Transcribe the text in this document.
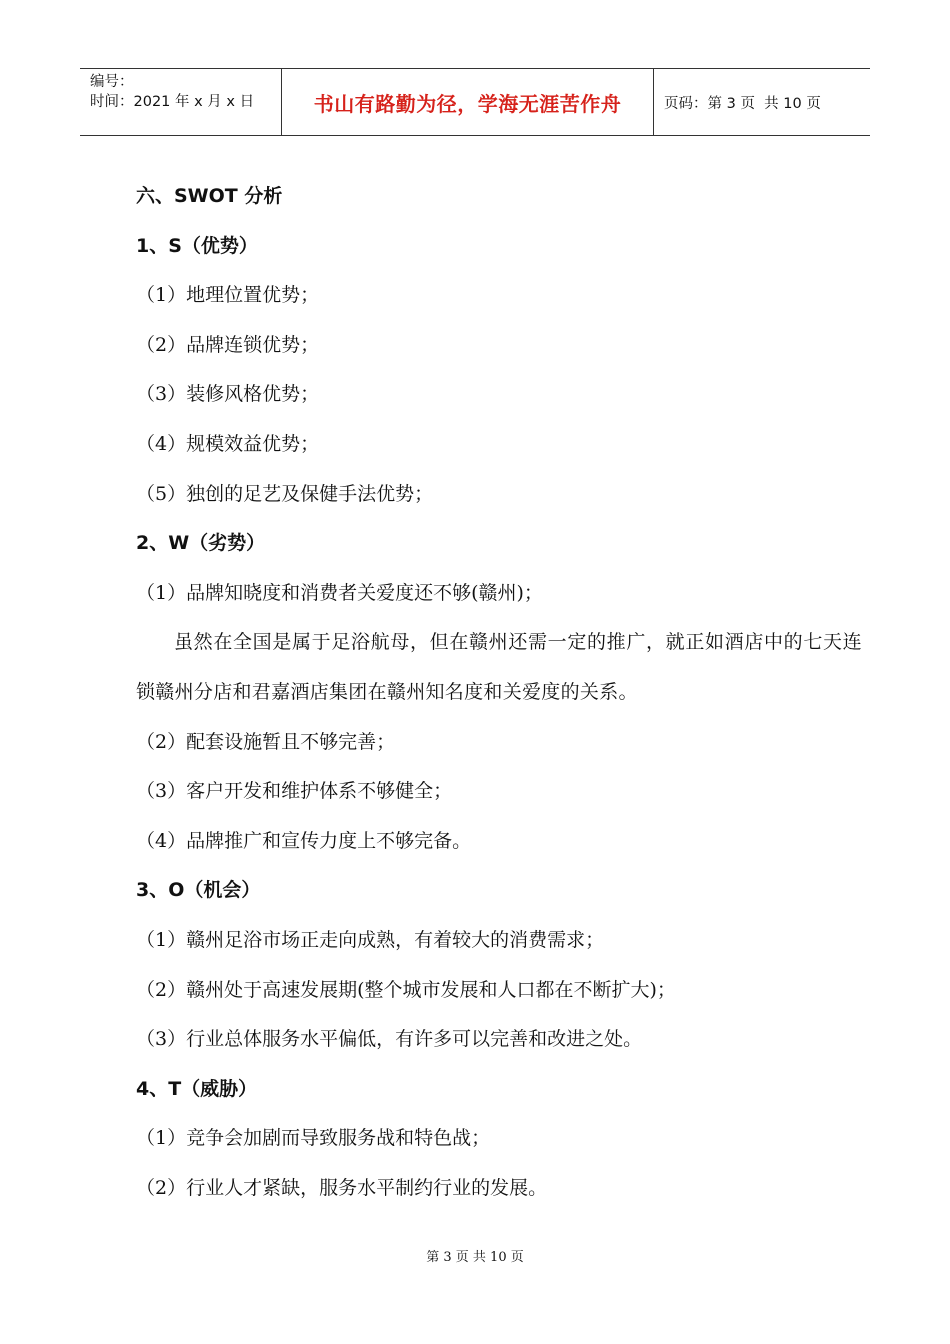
编号：
时间：2021 年 x 月 x 日	书山有路勤为径，学海无涯苦作舟	页码：第 3 页  共 10 页
六、SWOT 分析
1、S（优势）
（1）地理位置优势；
（2）品牌连锁优势；
（3）装修风格优势；
（4）规模效益优势；
（5）独创的足艺及保健手法优势；
2、W（劣势）
（1）品牌知晓度和消费者关爱度还不够(赣州)；

虽然在全国是属于足浴航母，但在赣州还需一定的推广，就正如酒店中的七天连锁赣州分店和君嘉酒店集团在赣州知名度和关爱度的关系。

（2）配套设施暂且不够完善；
（3）客户开发和维护体系不够健全；
（4）品牌推广和宣传力度上不够完备。
3、O（机会）
（1）赣州足浴市场正走向成熟，有着较大的消费需求；
（2）赣州处于高速发展期(整个城市发展和人口都在不断扩大)；
（3）行业总体服务水平偏低，有许多可以完善和改进之处。
4、T（威胁）
（1）竞争会加剧而导致服务战和特色战；
（2）行业人才紧缺，服务水平制约行业的发展。
第 3 页 共 10 页
